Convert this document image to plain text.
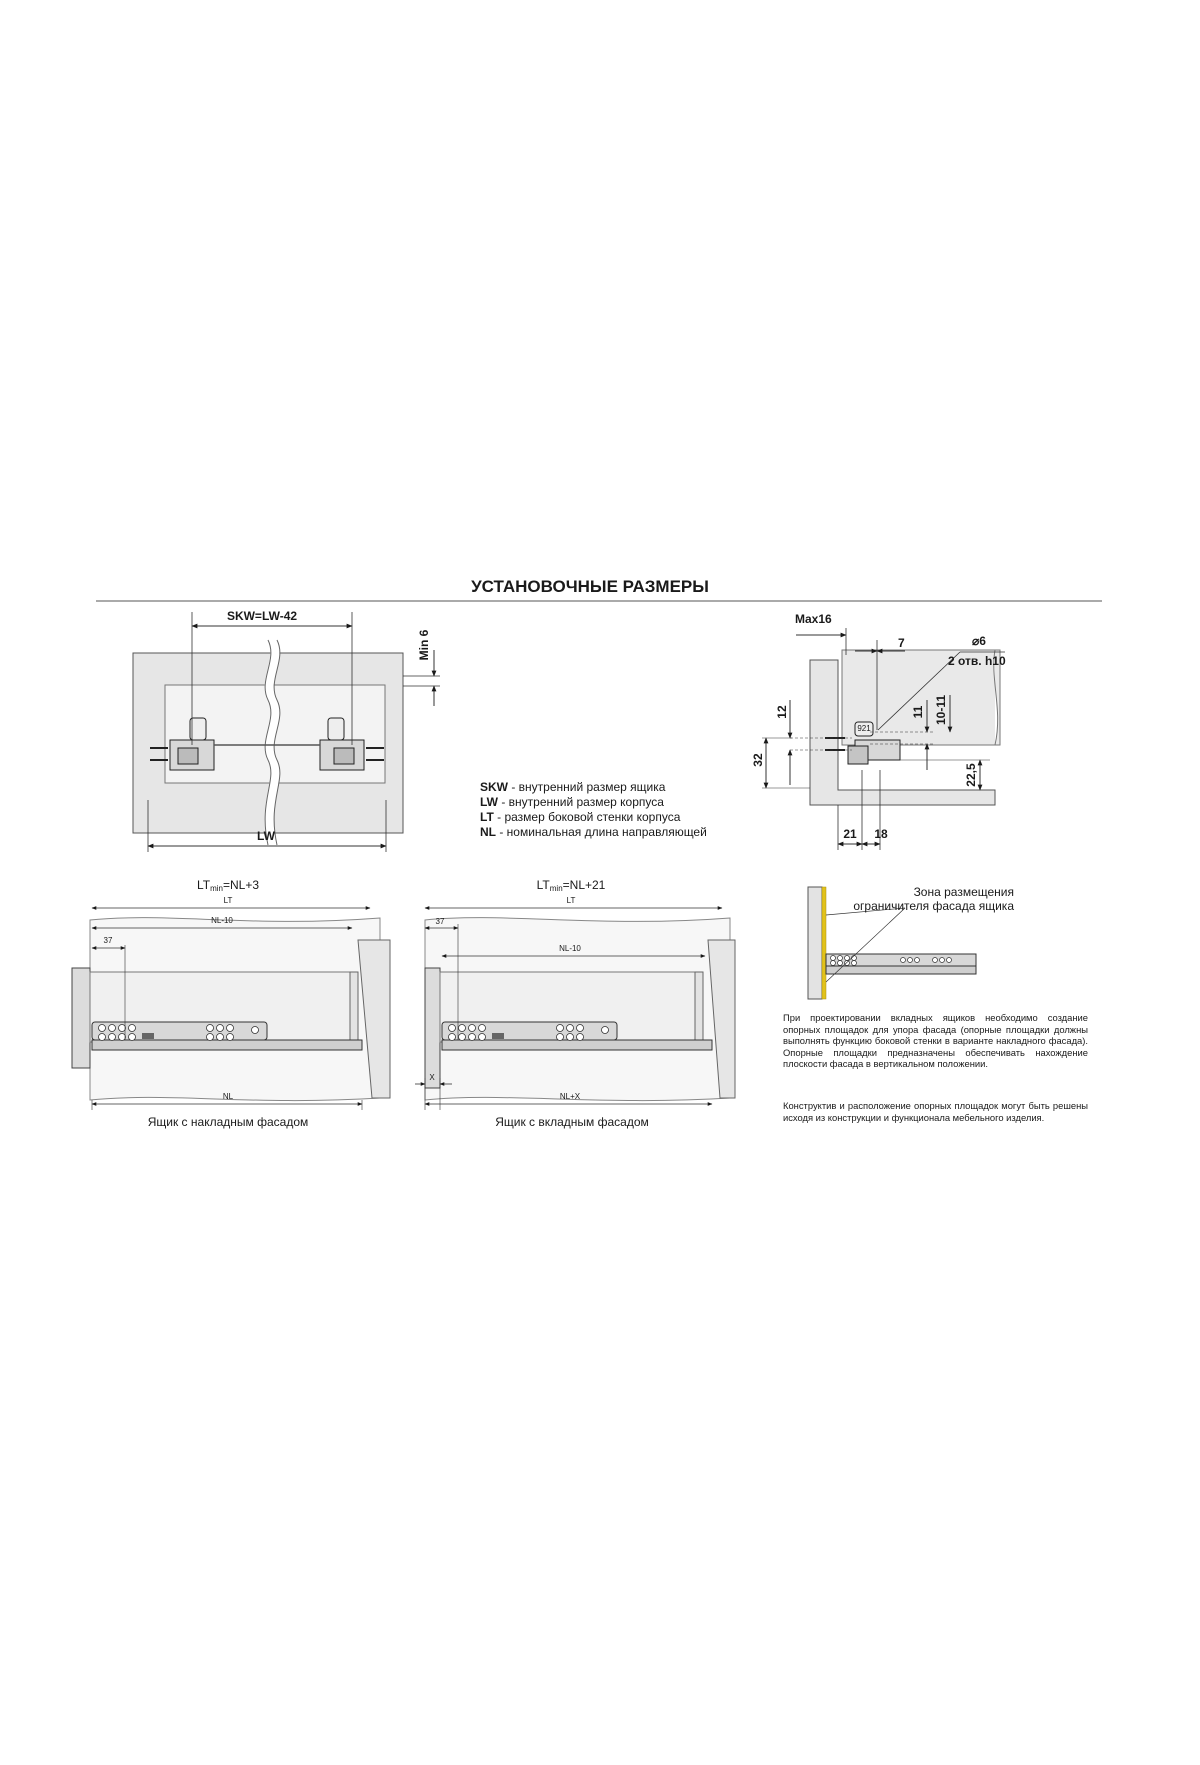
УСТАНОВОЧНЫЕ РАЗМЕРЫ
SKW=LW-42
Min 6
LW
SKW - внутренний размер ящика
LW - внутренний размер корпуса
LT - размер боковой стенки корпуса
NL - номинальная длина направляющей
921
Max16
7	⌀6
2 отв. h10
12
32
11 10-11
22,5
21 18
LTmin=NL+3
LT
NL-10
37
NL
Ящик с накладным фасадом
LTmin=NL+21
LT
37
NL-10
X
NL+X
Ящик с вкладным фасадом
Зона размещения
ограничителя фасада ящика
При проектировании вкладных ящиков необходимо создание опорных площадок для упора фасада (опорные площадки должны выполнять функцию боковой стенки в варианте накладного фасада). Опорные площадки предназначены обеспечивать нахождение плоскости фасада в вертикальном положении.
Конструктив и расположение опорных площадок могут быть решены исходя из конструкции и функционала мебельного изделия.
